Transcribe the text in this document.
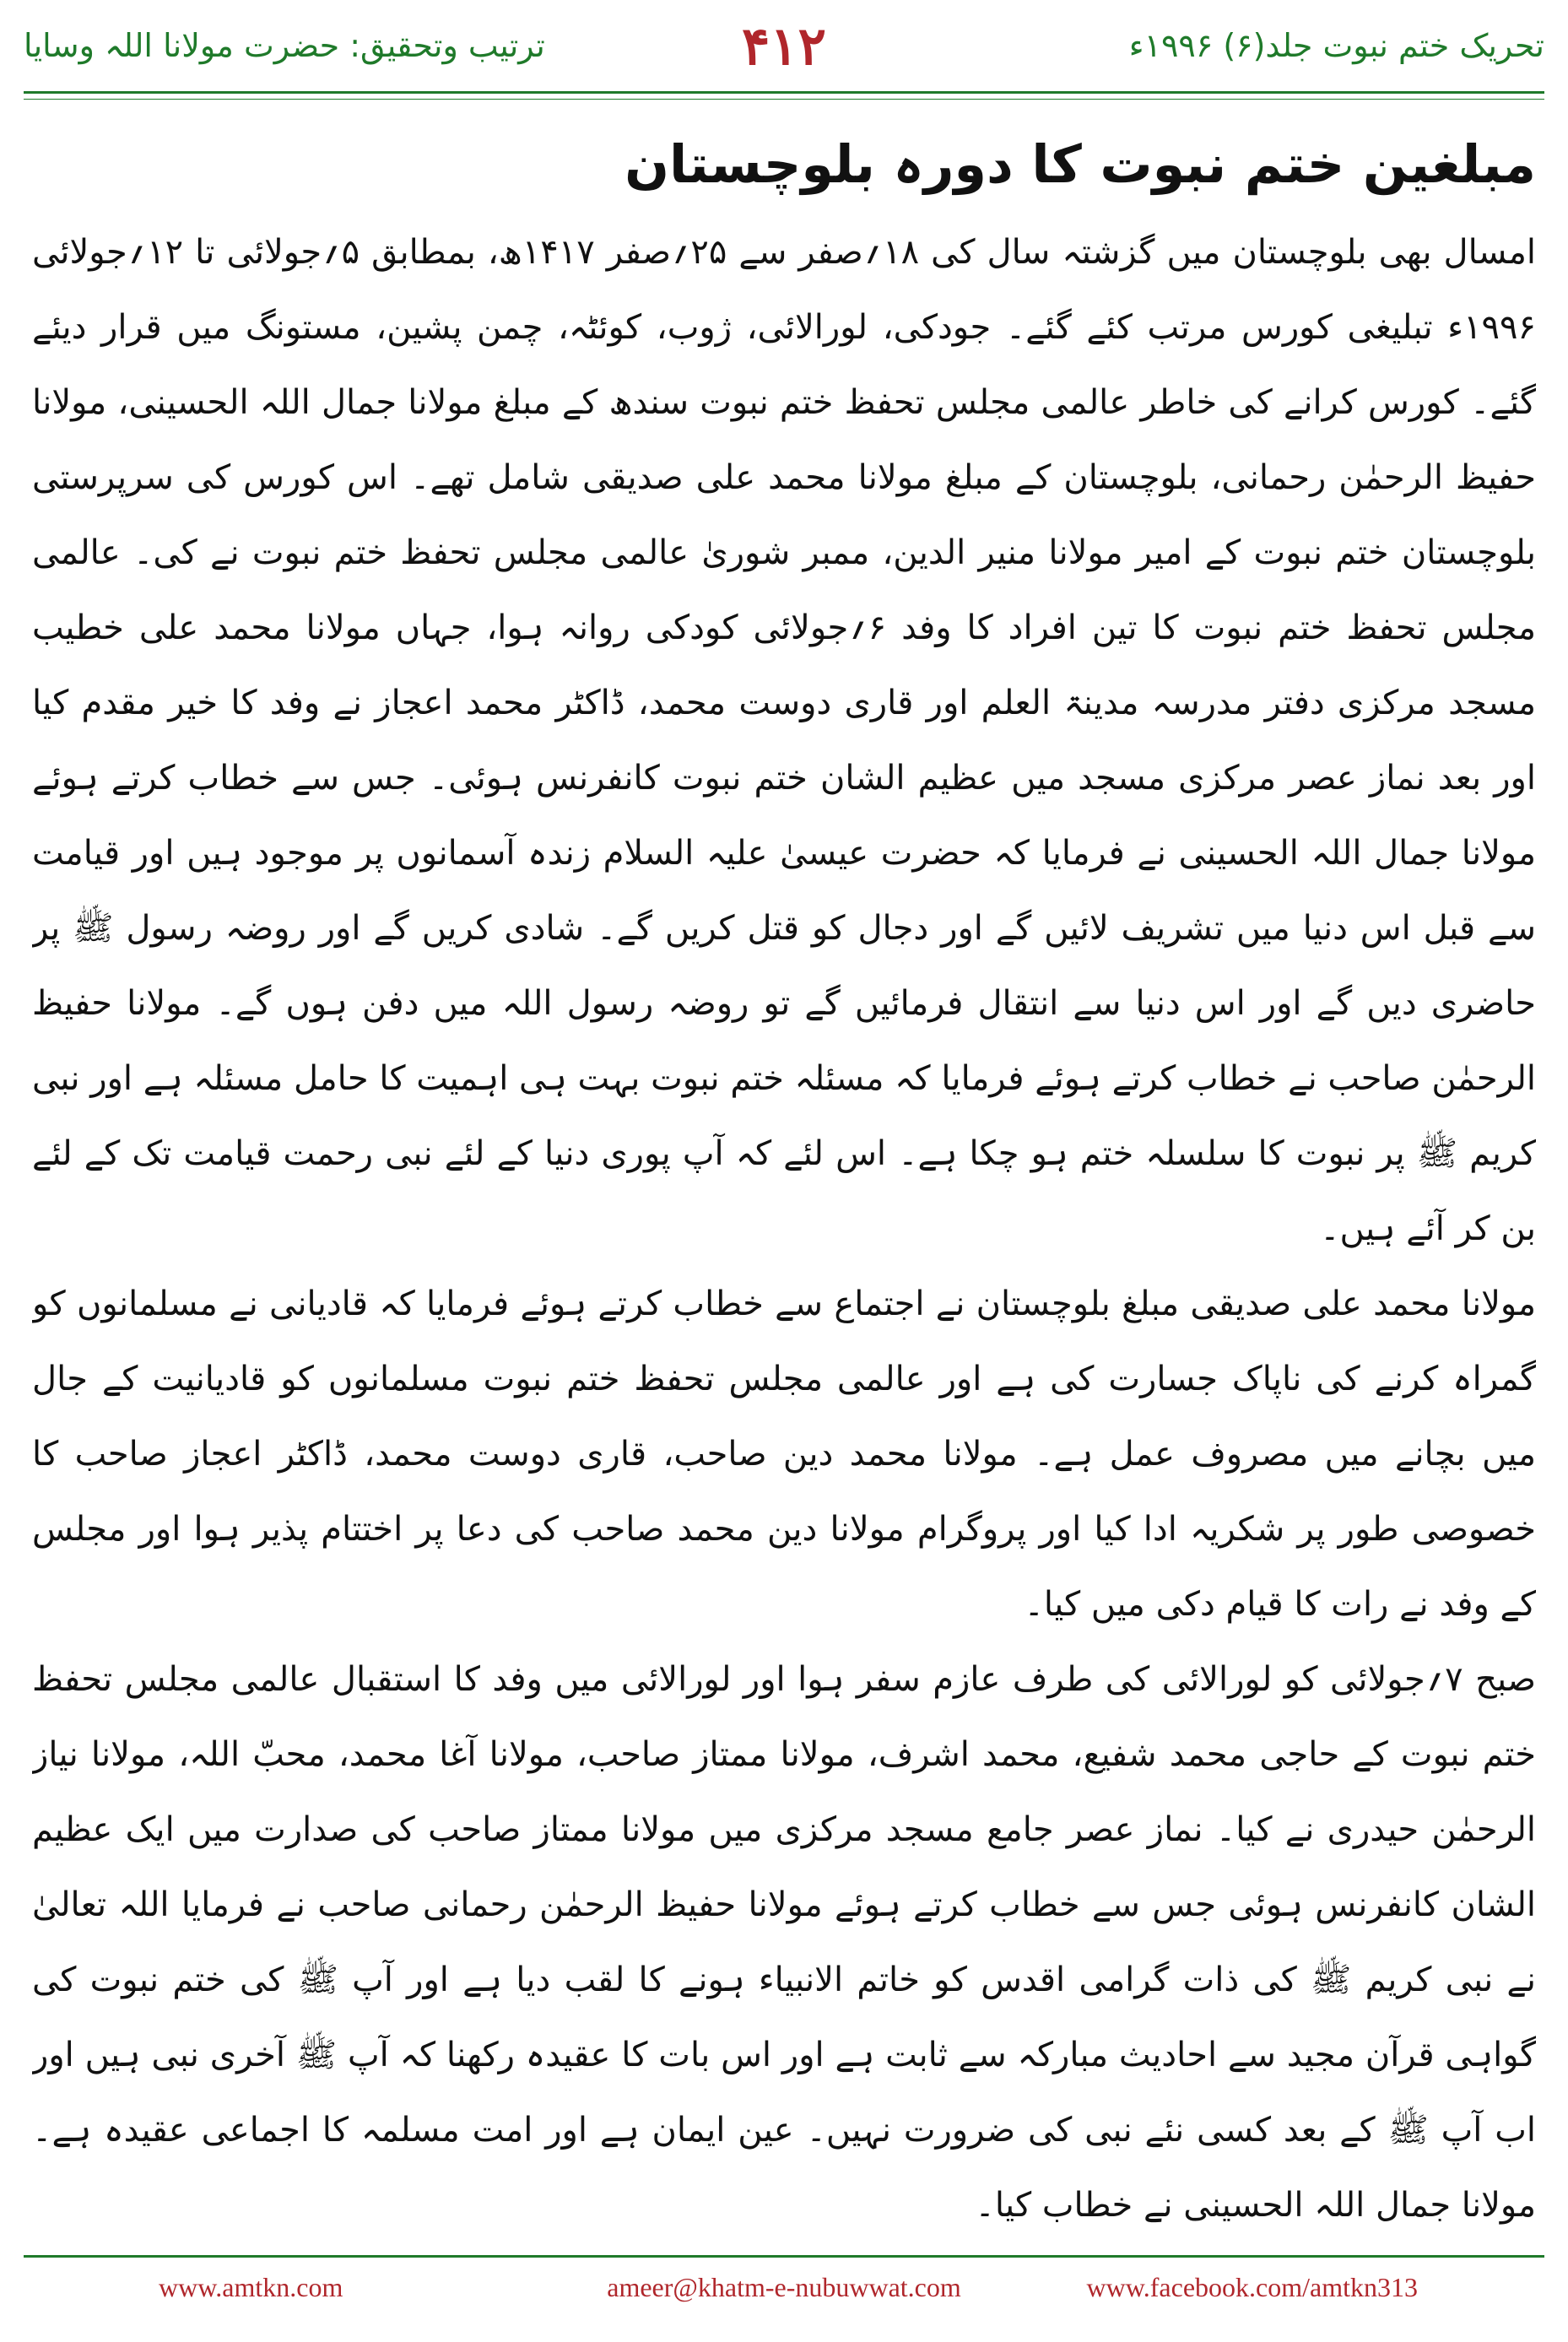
ترتیب وتحقیق: حضرت مولانا اللہ وسایا	۴۱۲	تحریک ختم نبوت جلد(۶) ۱۹۹۶ء
مبلغین ختم نبوت کا دورہ بلوچستان

امسال بھی بلوچستان میں گزشتہ سال کی ۱۸؍صفر سے ۲۵؍صفر ۱۴۱۷ھ، بمطابق ۵؍جولائی تا ۱۲؍جولائی ۱۹۹۶ء تبلیغی کورس مرتب کئے گئے۔ جودکی، لورالائی، ژوب، کوئٹہ، چمن پشین، مستونگ میں قرار دیئے گئے۔ کورس کرانے کی خاطر عالمی مجلس تحفظ ختم نبوت سندھ کے مبلغ مولانا جمال اللہ الحسینی، مولانا حفیظ الرحمٰن رحمانی، بلوچستان کے مبلغ مولانا محمد علی صدیقی شامل تھے۔ اس کورس کی سرپرستی بلوچستان ختم نبوت کے امیر مولانا منیر الدین، ممبر شوریٰ عالمی مجلس تحفظ ختم نبوت نے کی۔ عالمی مجلس تحفظ ختم نبوت کا تین افراد کا وفد ۶؍جولائی کودکی روانہ ہوا، جہاں مولانا محمد علی خطیب مسجد مرکزی دفتر مدرسہ مدینۃ العلم اور قاری دوست محمد، ڈاکٹر محمد اعجاز نے وفد کا خیر مقدم کیا اور بعد نماز عصر مرکزی مسجد میں عظیم الشان ختم نبوت کانفرنس ہوئی۔ جس سے خطاب کرتے ہوئے مولانا جمال اللہ الحسینی نے فرمایا کہ حضرت عیسیٰ علیہ السلام زندہ آسمانوں پر موجود ہیں اور قیامت سے قبل اس دنیا میں تشریف لائیں گے اور دجال کو قتل کریں گے۔ شادی کریں گے اور روضہ رسول ﷺ پر حاضری دیں گے اور اس دنیا سے انتقال فرمائیں گے تو روضہ رسول اللہ میں دفن ہوں گے۔ مولانا حفیظ الرحمٰن صاحب نے خطاب کرتے ہوئے فرمایا کہ مسئلہ ختم نبوت بہت ہی اہمیت کا حامل مسئلہ ہے اور نبی کریم ﷺ پر نبوت کا سلسلہ ختم ہو چکا ہے۔ اس لئے کہ آپ پوری دنیا کے لئے نبی رحمت قیامت تک کے لئے بن کر آئے ہیں۔

مولانا محمد علی صدیقی مبلغ بلوچستان نے اجتماع سے خطاب کرتے ہوئے فرمایا کہ قادیانی نے مسلمانوں کو گمراہ کرنے کی ناپاک جسارت کی ہے اور عالمی مجلس تحفظ ختم نبوت مسلمانوں کو قادیانیت کے جال میں بچانے میں مصروف عمل ہے۔ مولانا محمد دین صاحب، قاری دوست محمد، ڈاکٹر اعجاز صاحب کا خصوصی طور پر شکریہ ادا کیا اور پروگرام مولانا دین محمد صاحب کی دعا پر اختتام پذیر ہوا اور مجلس کے وفد نے رات کا قیام دکی میں کیا۔

صبح ۷؍جولائی کو لورالائی کی طرف عازم سفر ہوا اور لورالائی میں وفد کا استقبال عالمی مجلس تحفظ ختم نبوت کے حاجی محمد شفیع، محمد اشرف، مولانا ممتاز صاحب، مولانا آغا محمد، محبّ اللہ، مولانا نیاز الرحمٰن حیدری نے کیا۔ نماز عصر جامع مسجد مرکزی میں مولانا ممتاز صاحب کی صدارت میں ایک عظیم الشان کانفرنس ہوئی جس سے خطاب کرتے ہوئے مولانا حفیظ الرحمٰن رحمانی صاحب نے فرمایا اللہ تعالیٰ نے نبی کریم ﷺ کی ذات گرامی اقدس کو خاتم الانبیاء ہونے کا لقب دیا ہے اور آپ ﷺ کی ختم نبوت کی گواہی قرآن مجید سے احادیث مبارکہ سے ثابت ہے اور اس بات کا عقیدہ رکھنا کہ آپ ﷺ آخری نبی ہیں اور اب آپ ﷺ کے بعد کسی نئے نبی کی ضرورت نہیں۔ عین ایمان ہے اور امت مسلمہ کا اجماعی عقیدہ ہے۔ مولانا جمال اللہ الحسینی نے خطاب کیا۔

www.amtkn.com	ameer@khatm-e-nubuwwat.com	www.facebook.com/amtkn313
